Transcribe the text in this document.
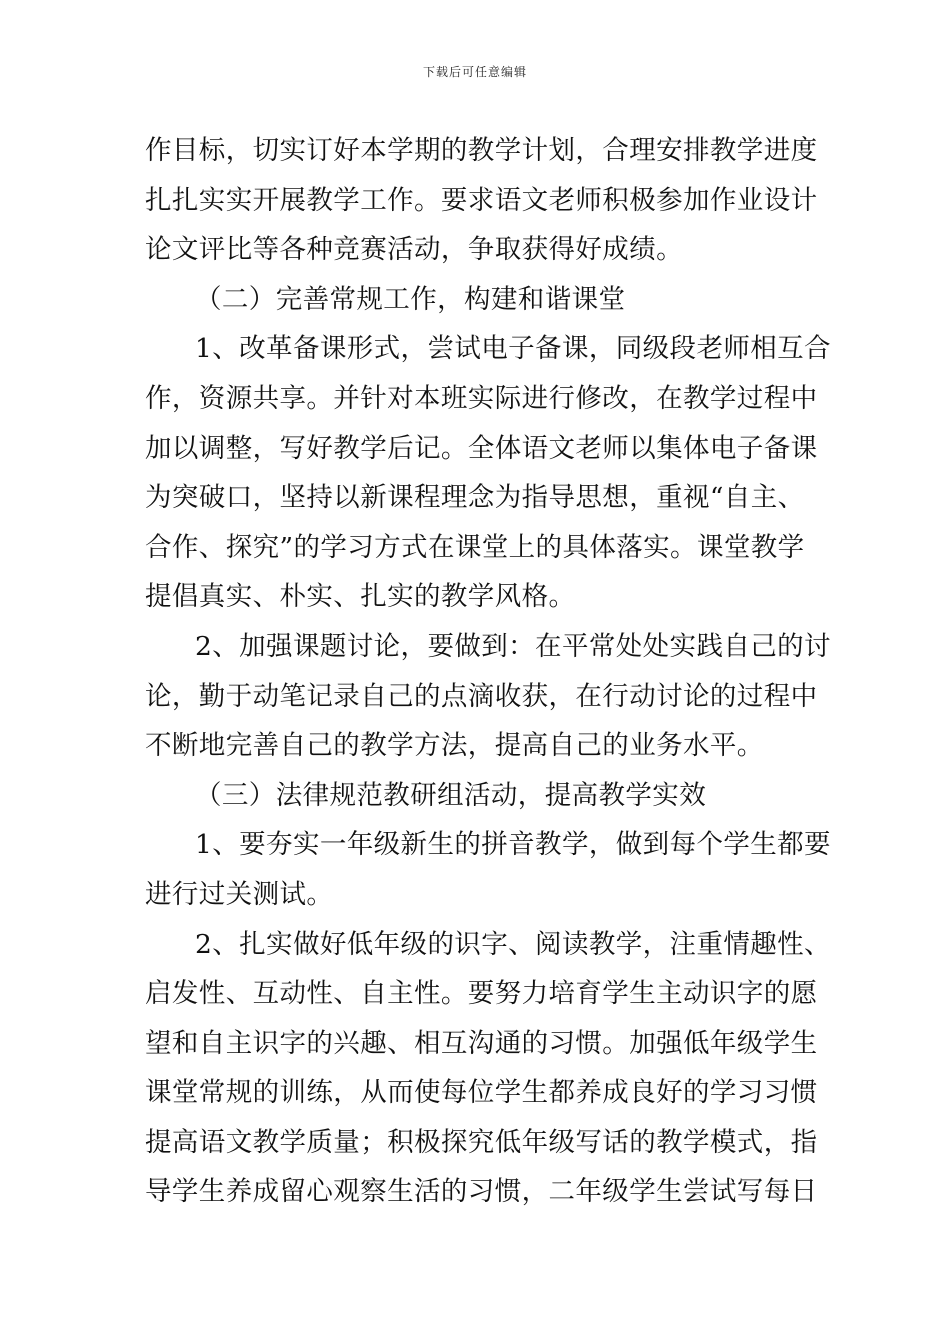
下载后可任意编辑
作目标，切实订好本学期的教学计划，合理安排教学进度
扎扎实实开展教学工作。要求语文老师积极参加作业设计
论文评比等各种竞赛活动，争取获得好成绩。
（二）完善常规工作，构建和谐课堂
1、改革备课形式，尝试电子备课，同级段老师相互合
作，资源共享。并针对本班实际进行修改，在教学过程中
加以调整，写好教学后记。全体语文老师以集体电子备课
为突破口，坚持以新课程理念为指导思想，重视“自主、
合作、探究”的学习方式在课堂上的具体落实。课堂教学
提倡真实、朴实、扎实的教学风格。
2、加强课题讨论，要做到：在平常处处实践自己的讨
论，勤于动笔记录自己的点滴收获，在行动讨论的过程中
不断地完善自己的教学方法，提高自己的业务水平。
（三）法律规范教研组活动，提高教学实效
1、要夯实一年级新生的拼音教学，做到每个学生都要
进行过关测试。
2、扎实做好低年级的识字、阅读教学，注重情趣性、
启发性、互动性、自主性。要努力培育学生主动识字的愿
望和自主识字的兴趣、相互沟通的习惯。加强低年级学生
课堂常规的训练，从而使每位学生都养成良好的学习习惯
提高语文教学质量；积极探究低年级写话的教学模式，指
导学生养成留心观察生活的习惯，二年级学生尝试写每日
